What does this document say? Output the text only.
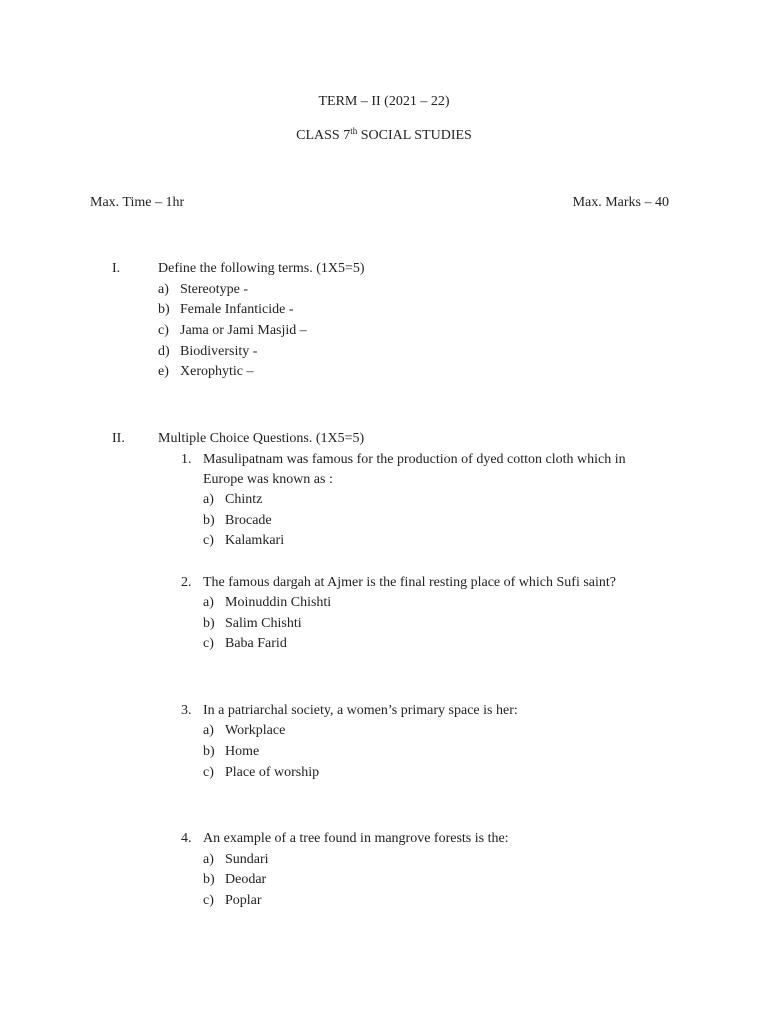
TERM – II (2021 – 22)
CLASS 7th SOCIAL STUDIES
Max. Time – 1hr	Max. Marks – 40
I.	Define the following terms. (1X5=5)
a) Stereotype -
b) Female Infanticide -
c) Jama or Jami Masjid –
d) Biodiversity -
e) Xerophytic –
II. Multiple Choice Questions. (1X5=5)
1. Masulipatnam was famous for the production of dyed cotton cloth which in
Europe was known as :
a) Chintz
b) Brocade
c) Kalamkari
2. The famous dargah at Ajmer is the final resting place of which Sufi saint?
a) Moinuddin Chishti
b) Salim Chishti
c) Baba Farid
3. In a patriarchal society, a women’s primary space is her:
a) Workplace
b) Home
c) Place of worship
4. An example of a tree found in mangrove forests is the:
a) Sundari
b) Deodar
c) Poplar
